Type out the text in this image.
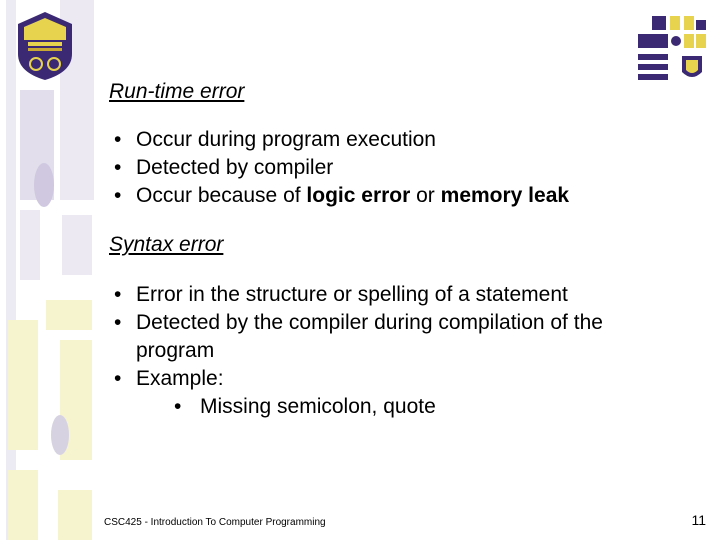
Run-time error
• Occur during program execution
• Detected by compiler
• Occur because of logic error or memory leak
Syntax error
• Error in the structure or spelling of a statement
• Detected by the compiler during compilation of the program
• Example:
• Missing semicolon, quote
CSC425 - Introduction To Computer Programming	11
